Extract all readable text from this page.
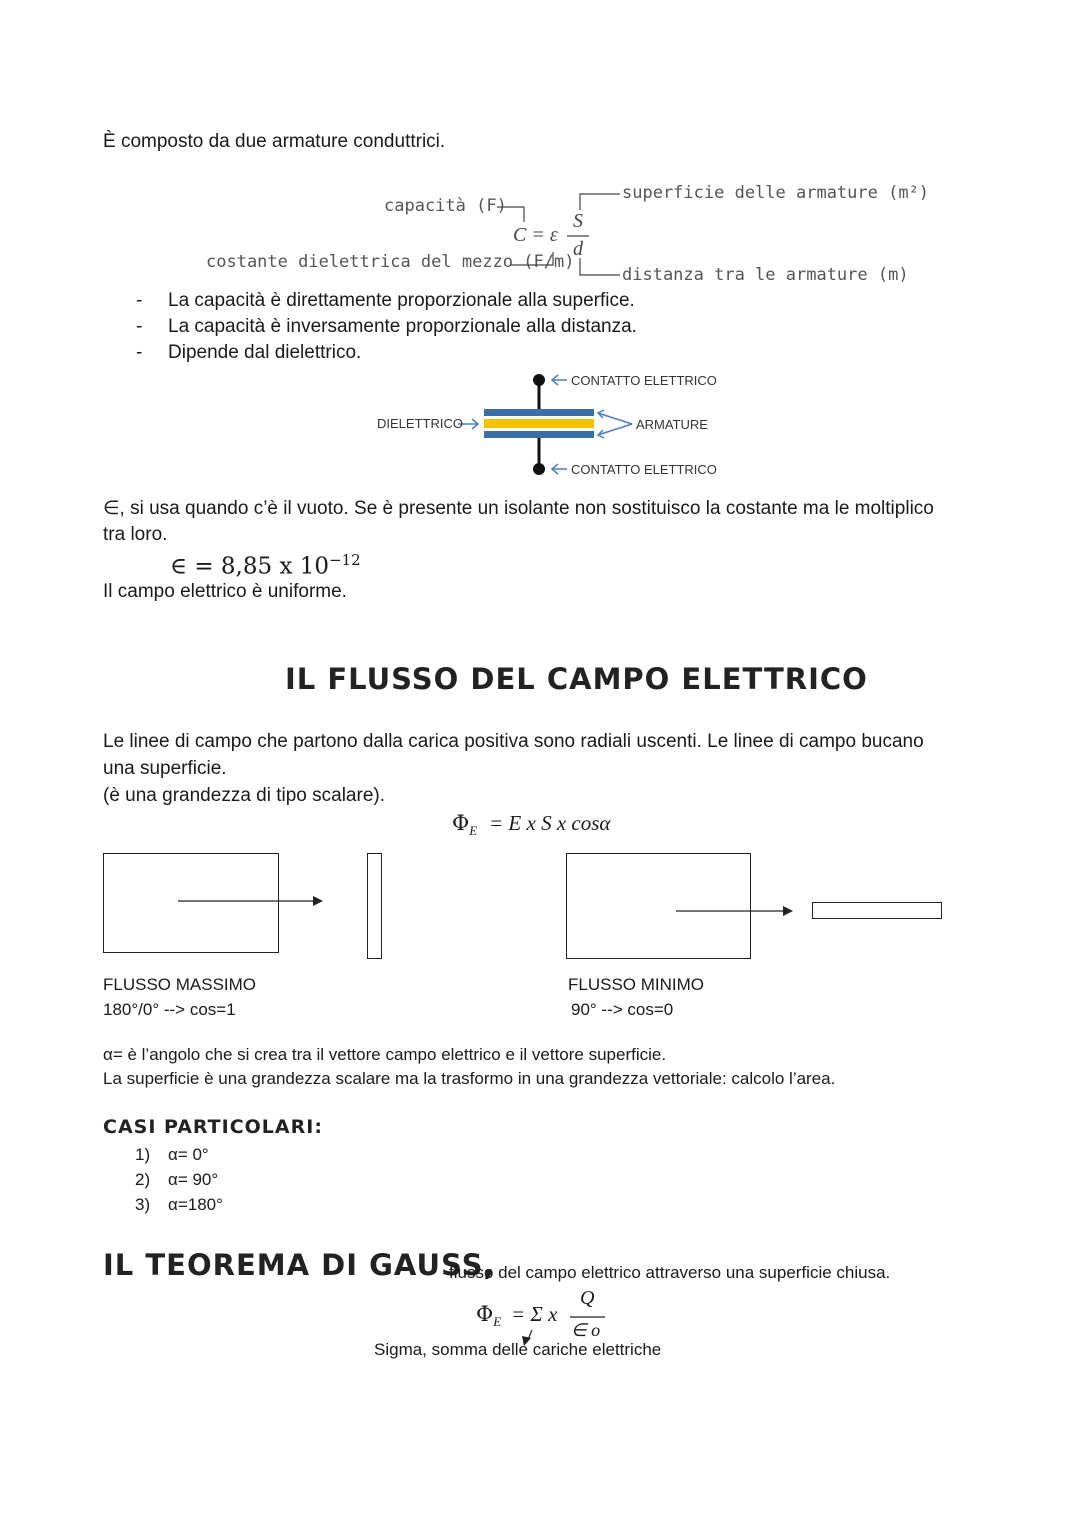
È composto da due armature conduttrici.
capacità (F)
costante dielettrica del mezzo (F/m)
superficie delle armature (m²)
distanza tra le armature (m)
C = ε
S
d
- La capacità è direttamente proporzionale alla superfice.
- La capacità è inversamente proporzionale alla distanza.
- Dipende dal dielettrico.
CONTATTO ELETTRICO
DIELETTRICO	ARMATURE
CONTATTO ELETTRICO
∈, si usa quando c’è il vuoto. Se è presente un isolante non sostituisco la costante ma le moltiplico
tra loro.
∈ = 8,85 x $10^{-12}$
Il campo elettrico è uniforme.
IL FLUSSO DEL CAMPO ELETTRICO
Le linee di campo che partono dalla carica positiva sono radiali uscenti. Le linee di campo bucano
una superficie.
(è una grandezza di tipo scalare).
$\Phi_E = E$ x S x cosα
FLUSSO MASSIMO
180°/0° --> cos=1
FLUSSO MINIMO
90° --> cos=0
α= è l’angolo che si crea tra il vettore campo elettrico e il vettore superficie.
La superficie è una grandezza scalare ma la trasformo in una grandezza vettoriale: calcolo l’area.
CASI PARTICOLARI:
1) α= 0°
2) α= 90°
3) α=180°
IL TEOREMA DI GAUSS,
flusso del campo elettrico attraverso una superficie chiusa.
$\Phi_E = \Sigma$ x
Q
∈ o
Sigma, somma delle cariche elettriche
